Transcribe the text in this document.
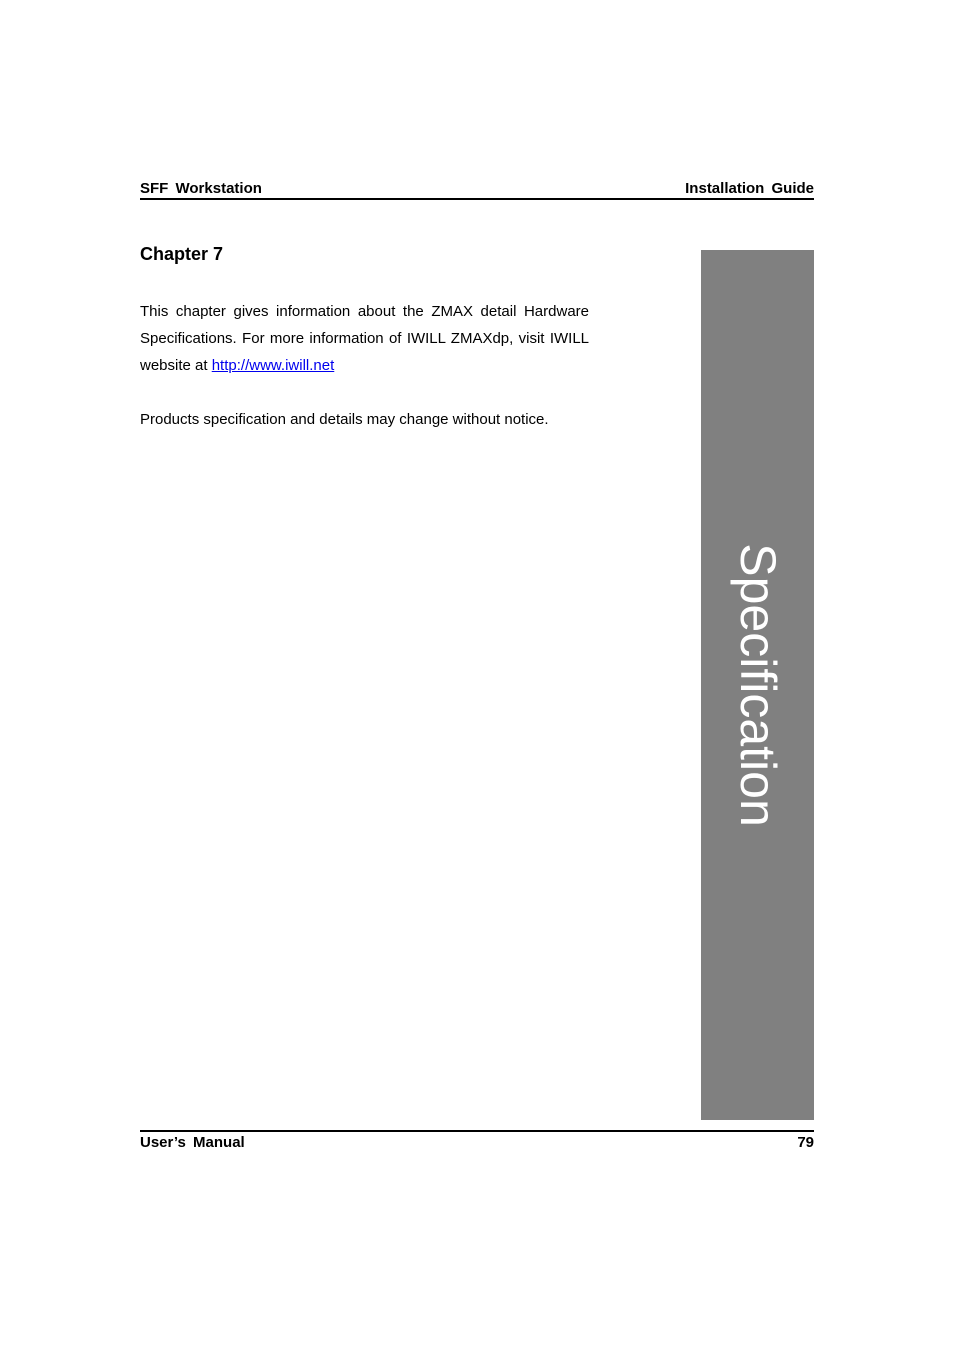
SFF Workstation	Installation Guide
Chapter 7

This chapter gives information about the ZMAX detail Hardware Specifications. For more information of IWILL ZMAXdp, visit IWILL website at http://www.iwill.net

Products specification and details may change without notice.

Specification
User’s Manual	79
